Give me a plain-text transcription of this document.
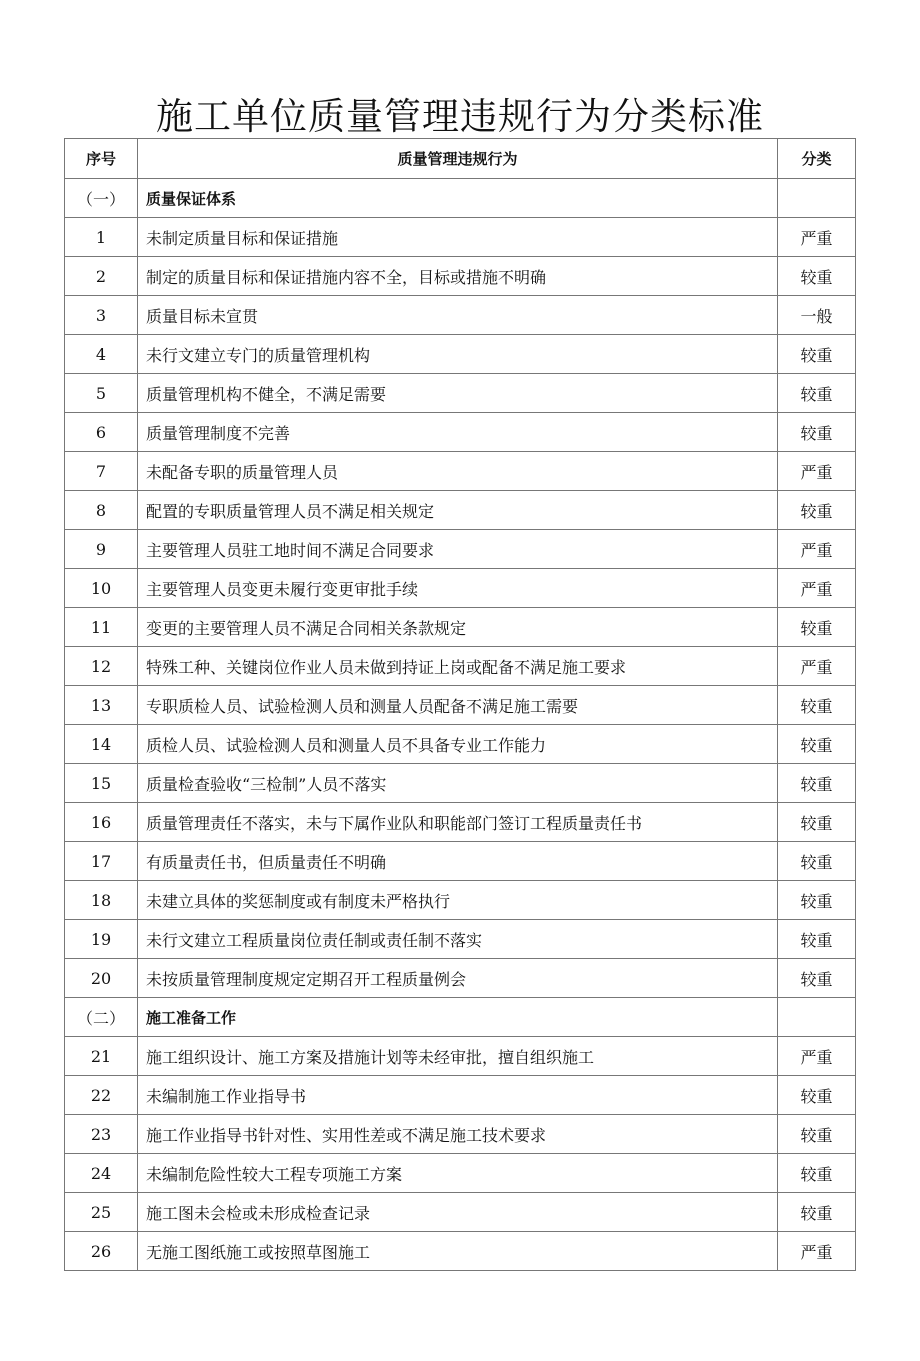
施工单位质量管理违规行为分类标准
序号	质量管理违规行为	分类
（一）	质量保证体系	
1	未制定质量目标和保证措施	严重
2	制定的质量目标和保证措施内容不全，目标或措施不明确	较重
3	质量目标未宣贯	一般
4	未行文建立专门的质量管理机构	较重
5	质量管理机构不健全，不满足需要	较重
6	质量管理制度不完善	较重
7	未配备专职的质量管理人员	严重
8	配置的专职质量管理人员不满足相关规定	较重
9	主要管理人员驻工地时间不满足合同要求	严重
10	主要管理人员变更未履行变更审批手续	严重
11	变更的主要管理人员不满足合同相关条款规定	较重
12	特殊工种、关键岗位作业人员未做到持证上岗或配备不满足施工要求	严重
13	专职质检人员、试验检测人员和测量人员配备不满足施工需要	较重
14	质检人员、试验检测人员和测量人员不具备专业工作能力	较重
15	质量检查验收“三检制”人员不落实	较重
16	质量管理责任不落实，未与下属作业队和职能部门签订工程质量责任书	较重
17	有质量责任书，但质量责任不明确	较重
18	未建立具体的奖惩制度或有制度未严格执行	较重
19	未行文建立工程质量岗位责任制或责任制不落实	较重
20	未按质量管理制度规定定期召开工程质量例会	较重
（二）	施工准备工作	
21	施工组织设计、施工方案及措施计划等未经审批，擅自组织施工	严重
22	未编制施工作业指导书	较重
23	施工作业指导书针对性、实用性差或不满足施工技术要求	较重
24	未编制危险性较大工程专项施工方案	较重
25	施工图未会检或未形成检查记录	较重
26	无施工图纸施工或按照草图施工	严重
